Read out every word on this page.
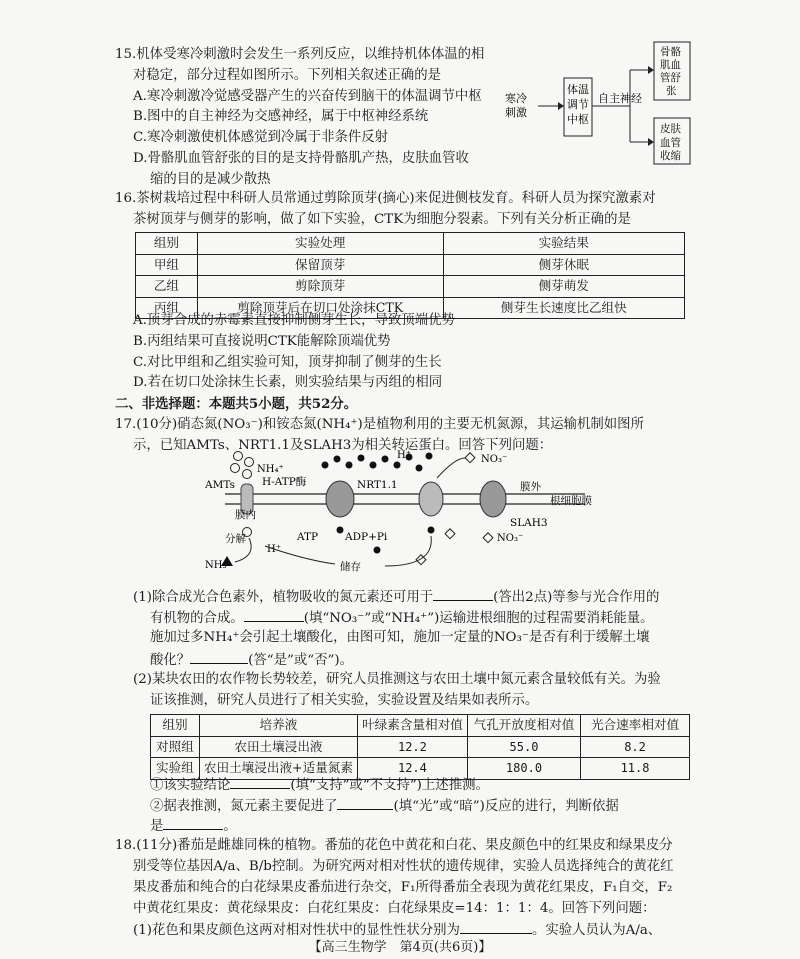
15.机体受寒冷刺激时会发生一系列反应，以维持机体体温的相
对稳定，部分过程如图所示。下列相关叙述正确的是
A.寒冷刺激冷觉感受器产生的兴奋传到脑干的体温调节中枢
B.图中的自主神经为交感神经，属于中枢神经系统
C.寒冷刺激使机体感觉到冷属于非条件反射
D.骨骼肌血管舒张的目的是支持骨骼肌产热，皮肤血管收
缩的目的是减少散热
寒冷
刺激
体温
调节
中枢
自主神经
骨骼
肌血
管舒
张
皮肤
血管
收缩
16.茶树栽培过程中科研人员常通过剪除顶芽(摘心)来促进侧枝发育。科研人员为探究激素对
茶树顶芽与侧芽的影响，做了如下实验，CTK为细胞分裂素。下列有关分析正确的是
组别	实验处理	实验结果
甲组	保留顶芽	侧芽休眠
乙组	剪除顶芽	侧芽萌发
丙组	剪除顶芽后在切口处涂抹CTK	侧芽生长速度比乙组快
A.顶芽合成的赤霉素直接抑制侧芽生长，导致顶端优势
B.丙组结果可直接说明CTK能解除顶端优势
C.对比甲组和乙组实验可知，顶芽抑制了侧芽的生长
D.若在切口处涂抹生长素，则实验结果与丙组的相同
二、非选择题：本题共5小题，共52分。
17.(10分)硝态氮(NO₃⁻)和铵态氮(NH₄⁺)是植物利用的主要无机氮源，其运输机制如图所
示，已知AMTs、NRT1.1及SLAH3为相关转运蛋白。回答下列问题：
NH₄⁺
AMTs	H-ATP酶
H⁺
NRT1.1
NO₃⁻
膜外
根细胞膜
膜内
SLAH3
分解	ATP	ADP+Pi
H⁺
NO₃⁻
NH₃	储存
(1)除合成光合色素外，植物吸收的氮元素还可用于	(答出2点)等参与光合作用的
有机物的合成。	(填“NO₃⁻”或“NH₄⁺”)运输进根细胞的过程需要消耗能量。
施加过多NH₄⁺会引起土壤酸化，由图可知，施加一定量的NO₃⁻是否有利于缓解土壤
酸化？	(答“是”或“否”)。
(2)某块农田的农作物长势较差，研究人员推测这与农田土壤中氮元素含量较低有关。为验
证该推测，研究人员进行了相关实验，实验设置及结果如表所示。
组别	培养液	叶绿素含量相对值	气孔开放度相对值	光合速率相对值
对照组	农田土壤浸出液	12.2	55.0	8.2
实验组	农田土壤浸出液+适量氮素	12.4	180.0	11.8
①该实验结论	(填“支持”或“不支持”)上述推测。
②据表推测，氮元素主要促进了	(填“光”或“暗”)反应的进行，判断依据
是	。
18.(11分)番茄是雌雄同株的植物。番茄的花色中黄花和白花、果皮颜色中的红果皮和绿果皮分
别受等位基因A/a、B/b控制。为研究两对相对性状的遗传规律，实验人员选择纯合的黄花红
果皮番茄和纯合的白花绿果皮番茄进行杂交，F₁所得番茄全表现为黄花红果皮，F₁自交，F₂
中黄花红果皮：黄花绿果皮：白花红果皮：白花绿果皮=14：1：1：4。回答下列问题：
(1)花色和果皮颜色这两对相对性状中的显性性状分别为	。实验人员认为A/a、
【高三生物学　第4页(共6页)】
